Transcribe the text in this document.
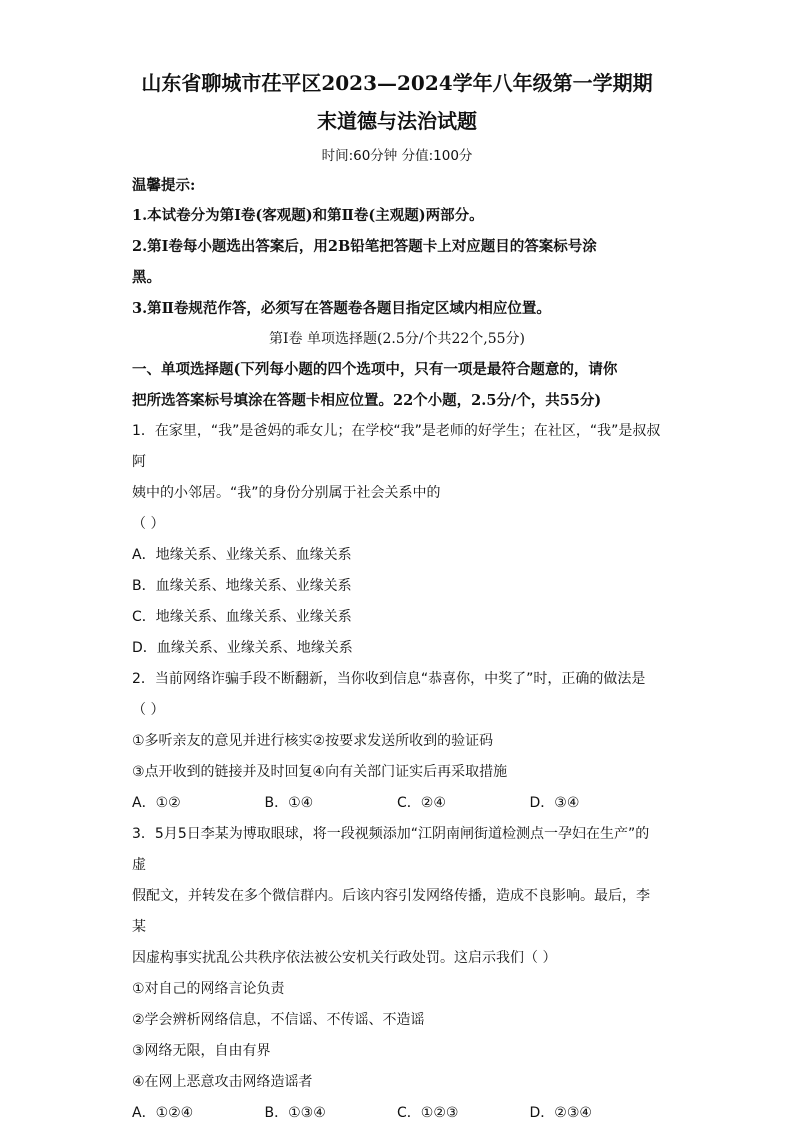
山东省聊城市茌平区2023—2024学年八年级第一学期期
末道德与法治试题
时间:60分钟 分值:100分
温馨提示:
1.本试卷分为第Ⅰ卷(客观题)和第Ⅱ卷(主观题)两部分。
2.第Ⅰ卷每小题选出答案后，用2B铅笔把答题卡上对应题目的答案标号涂
黑。
3.第Ⅱ卷规范作答，必须写在答题卷各题目指定区域内相应位置。
第Ⅰ卷 单项选择题(2.5分/个共22个,55分)
一、单项选择题(下列每小题的四个选项中，只有一项是最符合题意的，请你
把所选答案标号填涂在答题卡相应位置。22个小题，2.5分/个，共55分)
1．在家里，“我”是爸妈的乖女儿；在学校“我”是老师的好学生；在社区，“我”是叔叔阿
姨中的小邻居。“我”的身份分别属于社会关系中的
（ ）
A．地缘关系、业缘关系、血缘关系
B．血缘关系、地缘关系、业缘关系
C．地缘关系、血缘关系、业缘关系
D．血缘关系、业缘关系、地缘关系
2．当前网络诈骗手段不断翻新，当你收到信息“恭喜你，中奖了”时，正确的做法是
（ ）
①多听亲友的意见并进行核实②按要求发送所收到的验证码
③点开收到的链接并及时回复④向有关部门证实后再采取措施
A．①②	B．①④	C．②④	D．③④
3．5月5日李某为博取眼球，将一段视频添加“江阴南闸街道检测点一孕妇在生产”的虚
假配文，并转发在多个微信群内。后该内容引发网络传播，造成不良影响。最后，李某
因虚构事实扰乱公共秩序依法被公安机关行政处罚。这启示我们（ ）
①对自己的网络言论负责
②学会辨析网络信息，不信谣、不传谣、不造谣
③网络无限，自由有界
④在网上恶意攻击网络造谣者
A．①②④	B．①③④	C．①②③	D．②③④
